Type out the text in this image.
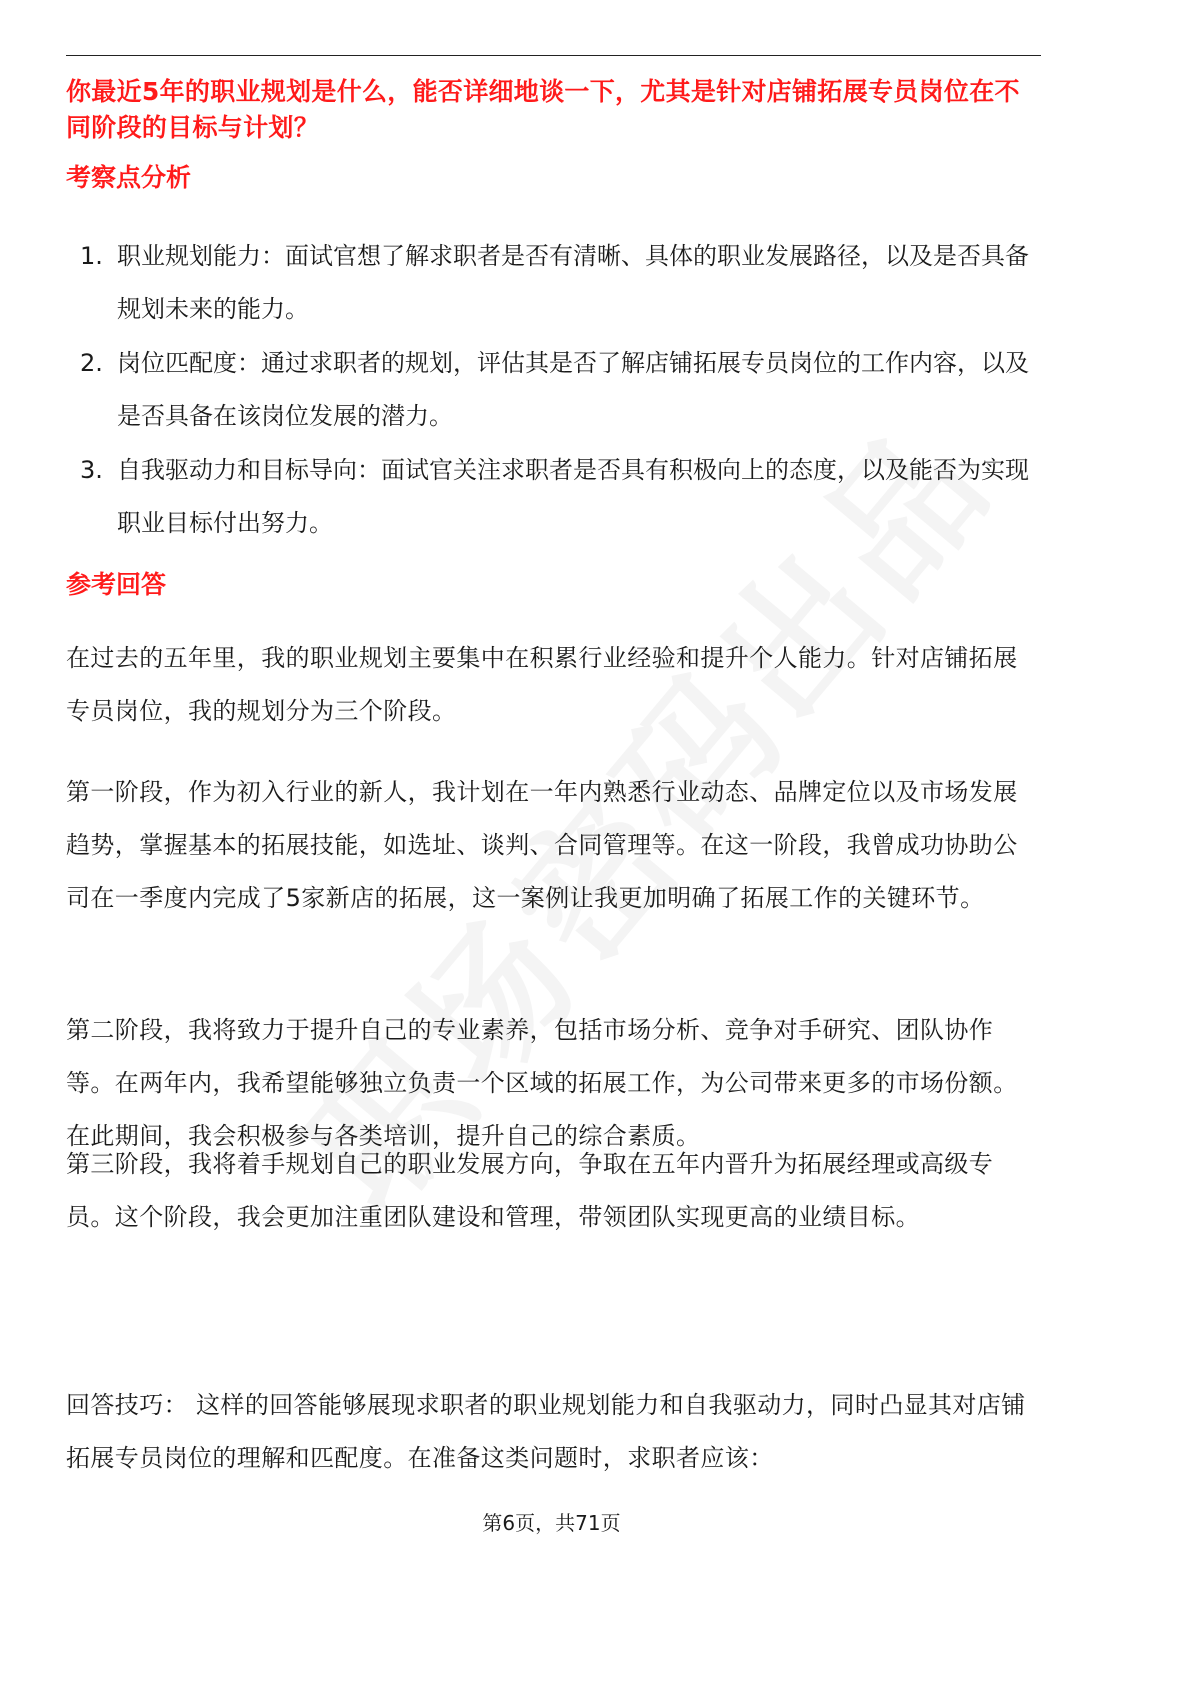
你最近5年的职业规划是什么，能否详细地谈一下，尤其是针对店铺拓展专员岗位在不同阶段的目标与计划？
考察点分析
1. 职业规划能力：面试官想了解求职者是否有清晰、具体的职业发展路径，以及是否具备规划未来的能力。
2. 岗位匹配度：通过求职者的规划，评估其是否了解店铺拓展专员岗位的工作内容，以及是否具备在该岗位发展的潜力。
3. 自我驱动力和目标导向：面试官关注求职者是否具有积极向上的态度，以及能否为实现职业目标付出努力。
参考回答
在过去的五年里，我的职业规划主要集中在积累行业经验和提升个人能力。针对店铺拓展专员岗位，我的规划分为三个阶段。
第一阶段，作为初入行业的新人，我计划在一年内熟悉行业动态、品牌定位以及市场发展趋势，掌握基本的拓展技能，如选址、谈判、合同管理等。在这一阶段，我曾成功协助公司在一季度内完成了5家新店的拓展，这一案例让我更加明确了拓展工作的关键环节。
第二阶段，我将致力于提升自己的专业素养，包括市场分析、竞争对手研究、团队协作等。在两年内，我希望能够独立负责一个区域的拓展工作，为公司带来更多的市场份额。在此期间，我会积极参与各类培训，提升自己的综合素质。
第三阶段，我将着手规划自己的职业发展方向，争取在五年内晋升为拓展经理或高级专员。这个阶段，我会更加注重团队建设和管理，带领团队实现更高的业绩目标。
回答技巧： 这样的回答能够展现求职者的职业规划能力和自我驱动力，同时凸显其对店铺拓展专员岗位的理解和匹配度。在准备这类问题时，求职者应该：
第6页，共71页
